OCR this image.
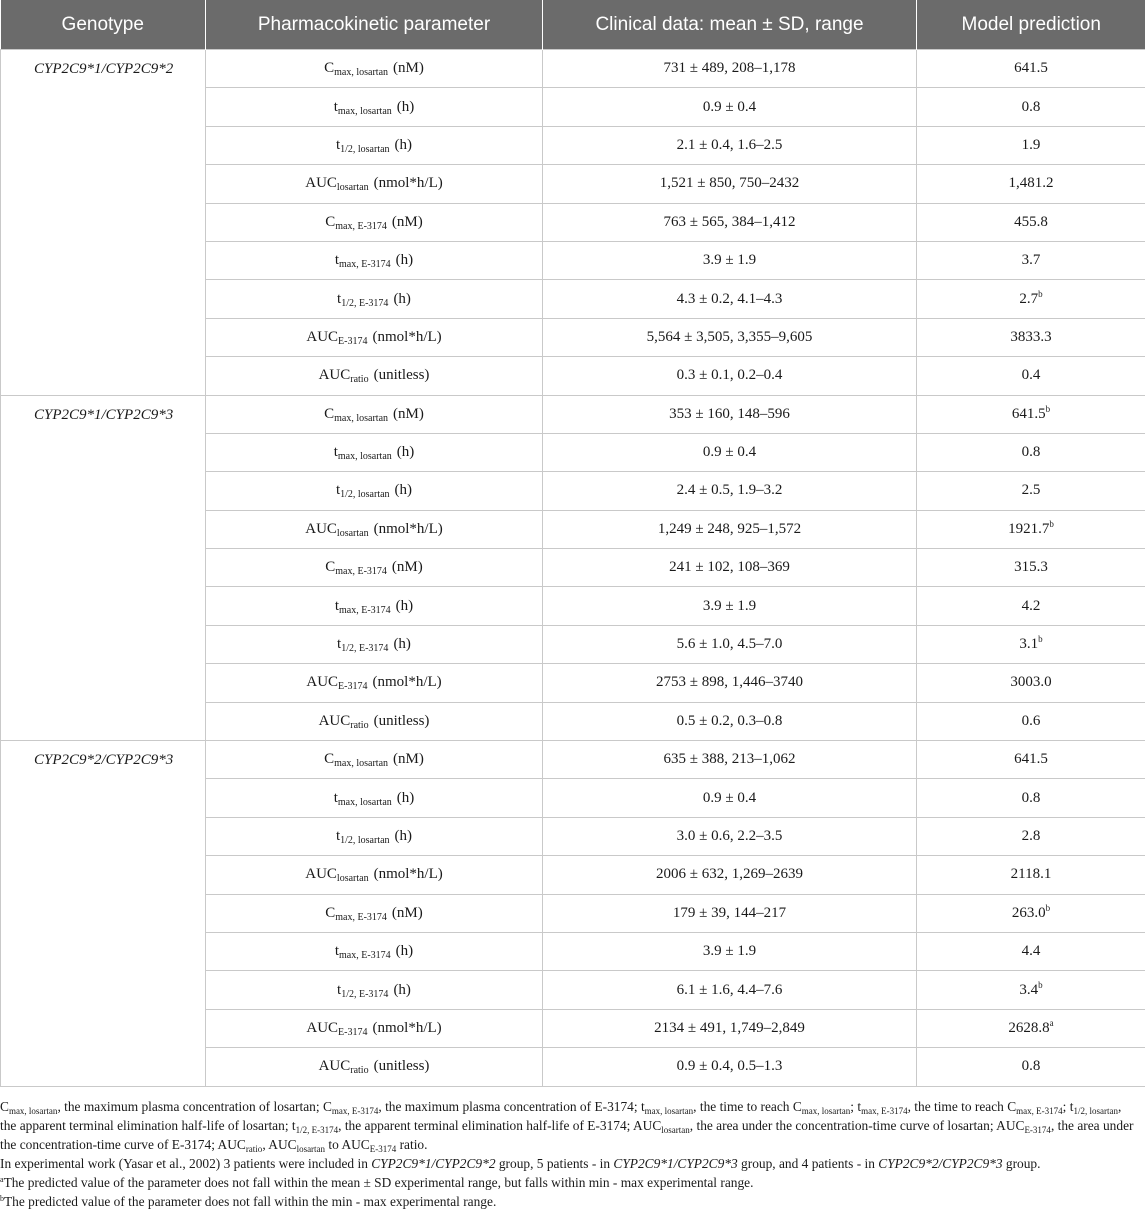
Genotype	Pharmacokinetic parameter	Clinical data: mean ± SD, range	Model prediction
CYP2C9*1/CYP2C9*2	$C_{max, losartan}$ (nM)	731 ± 489, 208–1,178	641.5
	$t_{max, losartan}$ (h)	0.9 ± 0.4	0.8
	$t_{1/2, losartan}$ (h)	2.1 ± 0.4, 1.6–2.5	1.9
	$AUC_{losartan}$ (nmol*h/L)	1,521 ± 850, 750–2432	1,481.2
	$C_{max, E-3174}$ (nM)	763 ± 565, 384–1,412	455.8
	$t_{max, E-3174}$ (h)	3.9 ± 1.9	3.7
	$t_{1/2, E-3174}$ (h)	4.3 ± 0.2, 4.1–4.3	2.7$^b$
	$AUC_{E-3174}$ (nmol*h/L)	5,564 ± 3,505, 3,355–9,605	3833.3
	$AUC_{ratio}$ (unitless)	0.3 ± 0.1, 0.2–0.4	0.4
CYP2C9*1/CYP2C9*3	$C_{max, losartan}$ (nM)	353 ± 160, 148–596	641.5$^b$
	$t_{max, losartan}$ (h)	0.9 ± 0.4	0.8
	$t_{1/2, losartan}$ (h)	2.4 ± 0.5, 1.9–3.2	2.5
	$AUC_{losartan}$ (nmol*h/L)	1,249 ± 248, 925–1,572	1921.7$^b$
	$C_{max, E-3174}$ (nM)	241 ± 102, 108–369	315.3
	$t_{max, E-3174}$ (h)	3.9 ± 1.9	4.2
	$t_{1/2, E-3174}$ (h)	5.6 ± 1.0, 4.5–7.0	3.1$^b$
	$AUC_{E-3174}$ (nmol*h/L)	2753 ± 898, 1,446–3740	3003.0
	$AUC_{ratio}$ (unitless)	0.5 ± 0.2, 0.3–0.8	0.6
CYP2C9*2/CYP2C9*3	$C_{max, losartan}$ (nM)	635 ± 388, 213–1,062	641.5
	$t_{max, losartan}$ (h)	0.9 ± 0.4	0.8
	$t_{1/2, losartan}$ (h)	3.0 ± 0.6, 2.2–3.5	2.8
	$AUC_{losartan}$ (nmol*h/L)	2006 ± 632, 1,269–2639	2118.1
	$C_{max, E-3174}$ (nM)	179 ± 39, 144–217	263.0$^b$
	$t_{max, E-3174}$ (h)	3.9 ± 1.9	4.4
	$t_{1/2, E-3174}$ (h)	6.1 ± 1.6, 4.4–7.6	3.4$^b$
	$AUC_{E-3174}$ (nmol*h/L)	2134 ± 491, 1,749–2,849	2628.8$^a$
	$AUC_{ratio}$ (unitless)	0.9 ± 0.4, 0.5–1.3	0.8

$C_{max, losartan}$, the maximum plasma concentration of losartan; $C_{max, E-3174}$, the maximum plasma concentration of E-3174; $t_{max, losartan}$, the time to reach $C_{max, losartan}$; $t_{max, E-3174}$, the time to reach $C_{max, E-3174}$; $t_{1/2, losartan}$, the apparent terminal elimination half-life of losartan; $t_{1/2, E-3174}$, the apparent terminal elimination half-life of E-3174; $AUC_{losartan}$, the area under the concentration-time curve of losartan; $AUC_{E-3174}$, the area under the concentration-time curve of E-3174; $AUC_{ratio}$, $AUC_{losartan}$ to $AUC_{E-3174}$ ratio.

In experimental work (Yasar et al., 2002) 3 patients were included in CYP2C9*1/CYP2C9*2 group, 5 patients - in CYP2C9*1/CYP2C9*3 group, and 4 patients - in CYP2C9*2/CYP2C9*3 group.

$^a$The predicted value of the parameter does not fall within the mean ± SD experimental range, but falls within min - max experimental range.

$^b$The predicted value of the parameter does not fall within the min - max experimental range.
